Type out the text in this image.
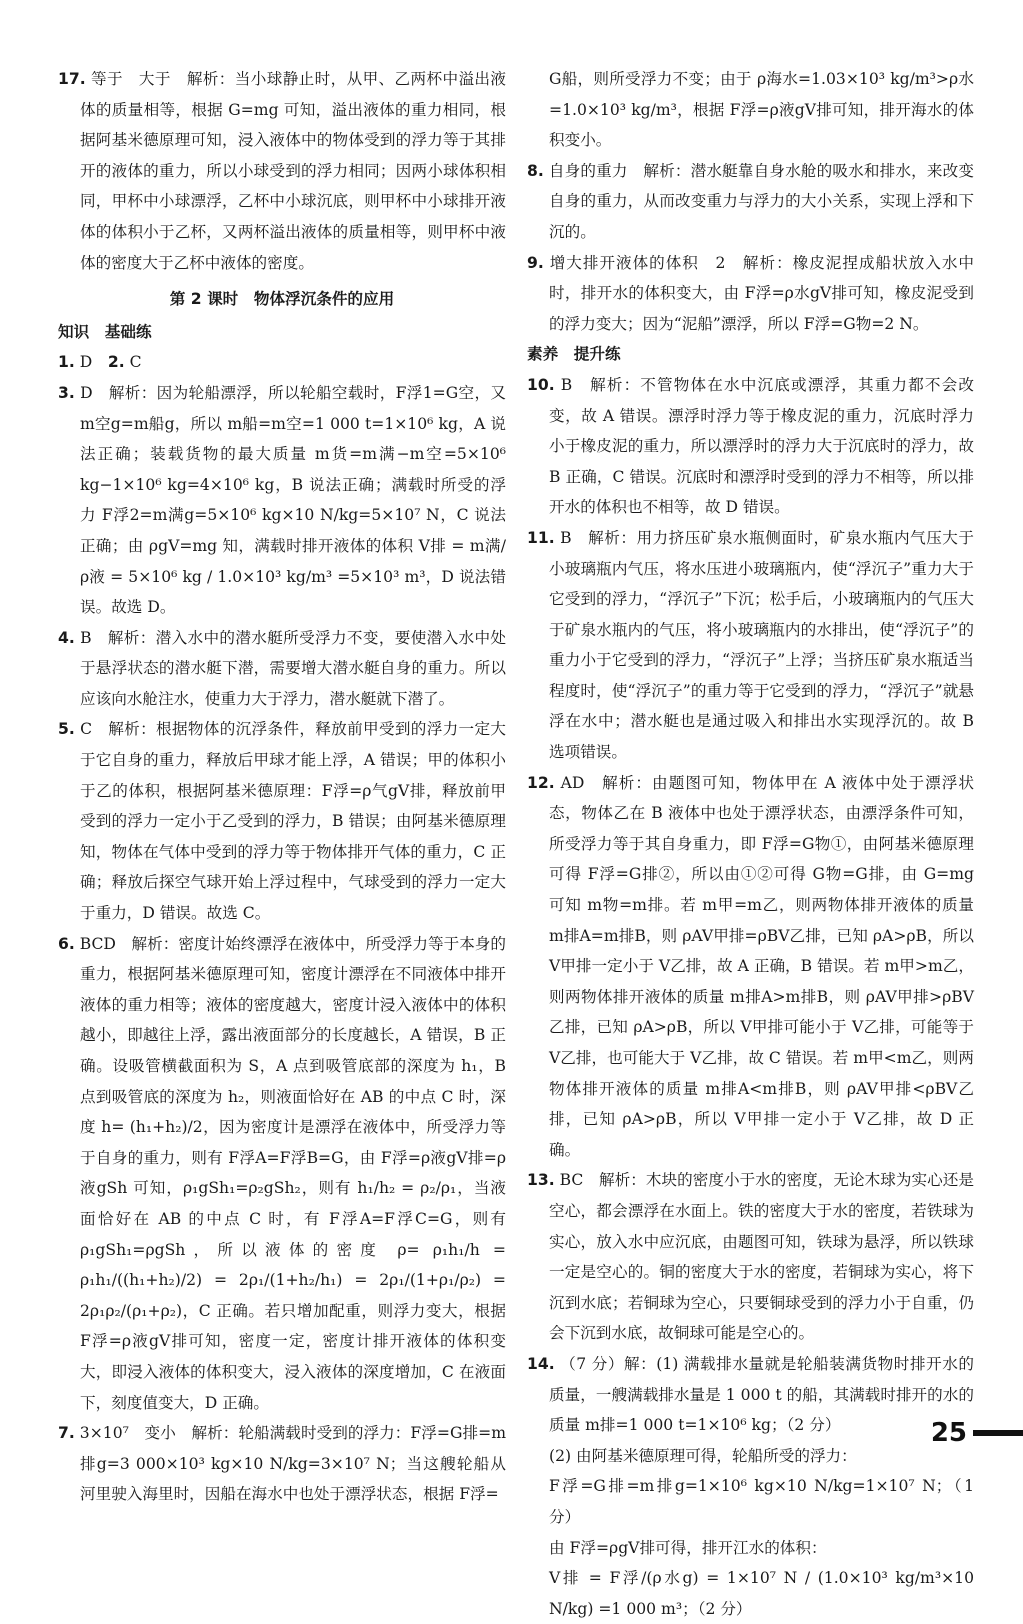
17. 等于　大于　解析：当小球静止时，从甲、乙两杯中溢出液体的质量相等，根据 G=mg 可知，溢出液体的重力相同，根据阿基米德原理可知，浸入液体中的物体受到的浮力等于其排开的液体的重力，所以小球受到的浮力相同；因两小球体积相同，甲杯中小球漂浮，乙杯中小球沉底，则甲杯中小球排开液体的体积小于乙杯，又两杯溢出液体的质量相等，则甲杯中液体的密度大于乙杯中液体的密度。

第 2 课时　物体浮沉条件的应用

知识　基础练

1. D　2. C

3. D　解析：因为轮船漂浮，所以轮船空载时，F浮1=G空，又 m空g=m船g，所以 m船=m空=1 000 t=1×10⁶ kg，A 说法正确；装载货物的最大质量 m货=m满−m空=5×10⁶ kg−1×10⁶ kg=4×10⁶ kg，B 说法正确；满载时所受的浮力 F浮2=m满g=5×10⁶ kg×10 N/kg=5×10⁷ N，C 说法正确；由 ρgV=mg 知，满载时排开液体的体积 V排 = m满/ρ液 = 5×10⁶ kg / 1.0×10³ kg/m³ =5×10³ m³，D 说法错误。故选 D。

4. B　解析：潜入水中的潜水艇所受浮力不变，要使潜入水中处于悬浮状态的潜水艇下潜，需要增大潜水艇自身的重力。所以应该向水舱注水，使重力大于浮力，潜水艇就下潜了。

5. C　解析：根据物体的沉浮条件，释放前甲受到的浮力一定大于它自身的重力，释放后甲球才能上浮，A 错误；甲的体积小于乙的体积，根据阿基米德原理：F浮=ρ气gV排，释放前甲受到的浮力一定小于乙受到的浮力，B 错误；由阿基米德原理知，物体在气体中受到的浮力等于物体排开气体的重力，C 正确；释放后探空气球开始上浮过程中，气球受到的浮力一定大于重力，D 错误。故选 C。

6. BCD　解析：密度计始终漂浮在液体中，所受浮力等于本身的重力，根据阿基米德原理可知，密度计漂浮在不同液体中排开液体的重力相等；液体的密度越大，密度计浸入液体中的体积越小，即越往上浮，露出液面部分的长度越长，A 错误，B 正确。设吸管横截面积为 S，A 点到吸管底部的深度为 h₁，B 点到吸管底的深度为 h₂，则液面恰好在 AB 的中点 C 时，深度 h= (h₁+h₂)/2，因为密度计是漂浮在液体中，所受浮力等于自身的重力，则有 F浮A=F浮B=G，由 F浮=ρ液gV排=ρ液gSh 可知，ρ₁gSh₁=ρ₂gSh₂，则有 h₁/h₂ = ρ₂/ρ₁，当液面恰好在 AB 的中点 C 时，有 F浮A=F浮C=G，则有 ρ₁gSh₁=ρgSh，所以液体的密度 ρ= ρ₁h₁/h = ρ₁h₁/((h₁+h₂)/2) = 2ρ₁/(1+h₂/h₁) = 2ρ₁/(1+ρ₁/ρ₂) = 2ρ₁ρ₂/(ρ₁+ρ₂)，C 正确。若只增加配重，则浮力变大，根据 F浮=ρ液gV排可知，密度一定，密度计排开液体的体积变大，即浸入液体的体积变大，浸入液体的深度增加，C 在液面下，刻度值变大，D 正确。

7. 3×10⁷　变小　解析：轮船满载时受到的浮力：F浮=G排=m排g=3 000×10³ kg×10 N/kg=3×10⁷ N；当这艘轮船从河里驶入海里时，因船在海水中也处于漂浮状态，根据 F浮=

G船，则所受浮力不变；由于 ρ海水=1.03×10³ kg/m³>ρ水=1.0×10³ kg/m³，根据 F浮=ρ液gV排可知，排开海水的体积变小。

8. 自身的重力　解析：潜水艇靠自身水舱的吸水和排水，来改变自身的重力，从而改变重力与浮力的大小关系，实现上浮和下沉的。

9. 增大排开液体的体积　2　解析：橡皮泥捏成船状放入水中时，排开水的体积变大，由 F浮=ρ水gV排可知，橡皮泥受到的浮力变大；因为“泥船”漂浮，所以 F浮=G物=2 N。

素养　提升练

10. B　解析：不管物体在水中沉底或漂浮，其重力都不会改变，故 A 错误。漂浮时浮力等于橡皮泥的重力，沉底时浮力小于橡皮泥的重力，所以漂浮时的浮力大于沉底时的浮力，故 B 正确，C 错误。沉底时和漂浮时受到的浮力不相等，所以排开水的体积也不相等，故 D 错误。

11. B　解析：用力挤压矿泉水瓶侧面时，矿泉水瓶内气压大于小玻璃瓶内气压，将水压进小玻璃瓶内，使“浮沉子”重力大于它受到的浮力，“浮沉子”下沉；松手后，小玻璃瓶内的气压大于矿泉水瓶内的气压，将小玻璃瓶内的水排出，使“浮沉子”的重力小于它受到的浮力，“浮沉子”上浮；当挤压矿泉水瓶适当程度时，使“浮沉子”的重力等于它受到的浮力，“浮沉子”就悬浮在水中；潜水艇也是通过吸入和排出水实现浮沉的。故 B 选项错误。

12. AD　解析：由题图可知，物体甲在 A 液体中处于漂浮状态，物体乙在 B 液体中也处于漂浮状态，由漂浮条件可知，所受浮力等于其自身重力，即 F浮=G物①，由阿基米德原理可得 F浮=G排②，所以由①②可得 G物=G排，由 G=mg 可知 m物=m排。若 m甲=m乙，则两物体排开液体的质量 m排A=m排B，则 ρAV甲排=ρBV乙排，已知 ρA>ρB，所以 V甲排一定小于 V乙排，故 A 正确，B 错误。若 m甲>m乙，则两物体排开液体的质量 m排A>m排B，则 ρAV甲排>ρBV乙排，已知 ρA>ρB，所以 V甲排可能小于 V乙排，可能等于 V乙排，也可能大于 V乙排，故 C 错误。若 m甲<m乙，则两物体排开液体的质量 m排A<m排B，则 ρAV甲排<ρBV乙排，已知 ρA>ρB，所以 V甲排一定小于 V乙排，故 D 正确。

13. BC　解析：木块的密度小于水的密度，无论木球为实心还是空心，都会漂浮在水面上。铁的密度大于水的密度，若铁球为实心，放入水中应沉底，由题图可知，铁球为悬浮，所以铁球一定是空心的。铜的密度大于水的密度，若铜球为实心，将下沉到水底；若铜球为空心，只要铜球受到的浮力小于自重，仍会下沉到水底，故铜球可能是空心的。

14. （7 分）解：(1) 满载排水量就是轮船装满货物时排开水的质量，一艘满载排水量是 1 000 t 的船，其满载时排开的水的质量 m排=1 000 t=1×10⁶ kg；（2 分）

(2) 由阿基米德原理可得，轮船所受的浮力：

F浮=G排=m排g=1×10⁶ kg×10 N/kg=1×10⁷ N；（1 分）

由 F浮=ρgV排可得，排开江水的体积：

V排 = F浮/(ρ水g) = 1×10⁷ N / (1.0×10³ kg/m³×10 N/kg) =1 000 m³；（2 分）

25
